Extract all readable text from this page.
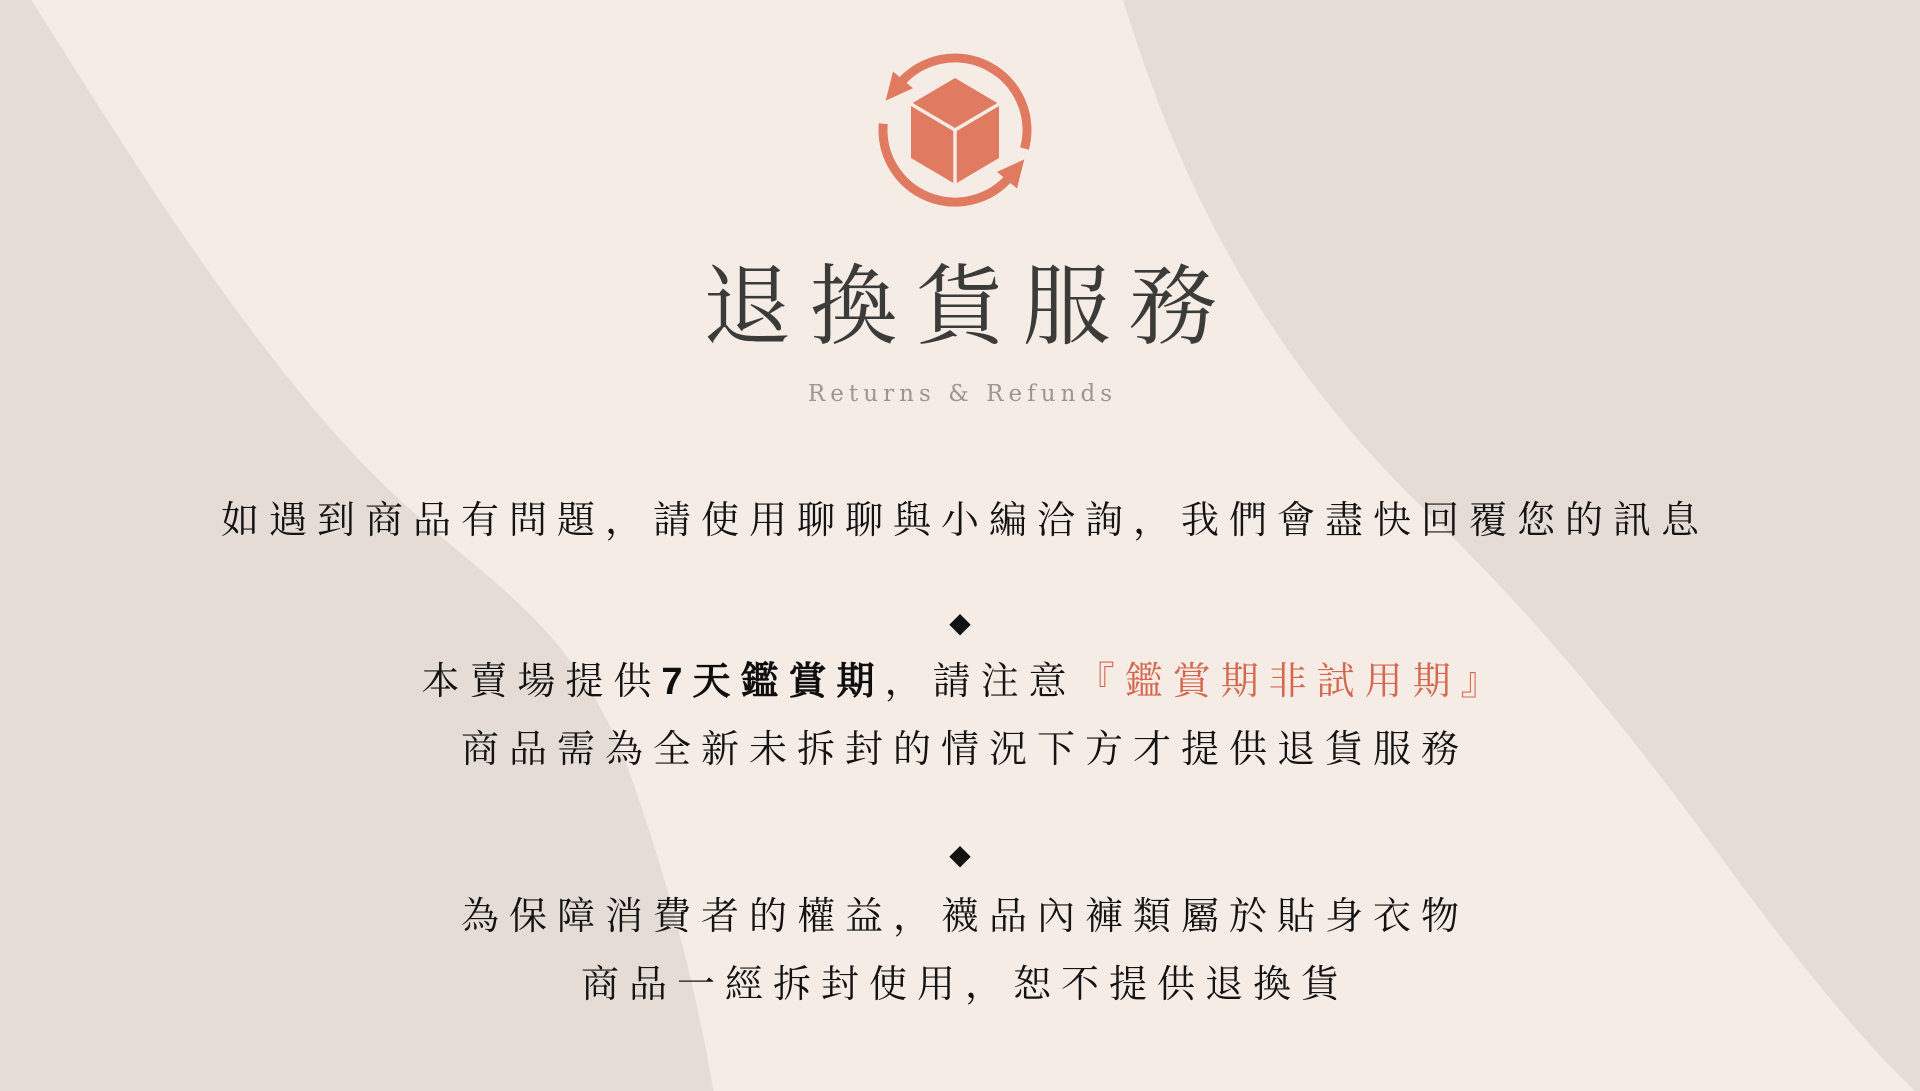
退換貨服務
Returns & Refunds

如遇到商品有問題，請使用聊聊與小編洽詢，我們會盡快回覆您的訊息

◆

本賣場提供7天鑑賞期，請注意『鑑賞期非試用期』
商品需為全新未拆封的情況下方才提供退貨服務

◆

為保障消費者的權益，襪品內褲類屬於貼身衣物
商品一經拆封使用，恕不提供退換貨
